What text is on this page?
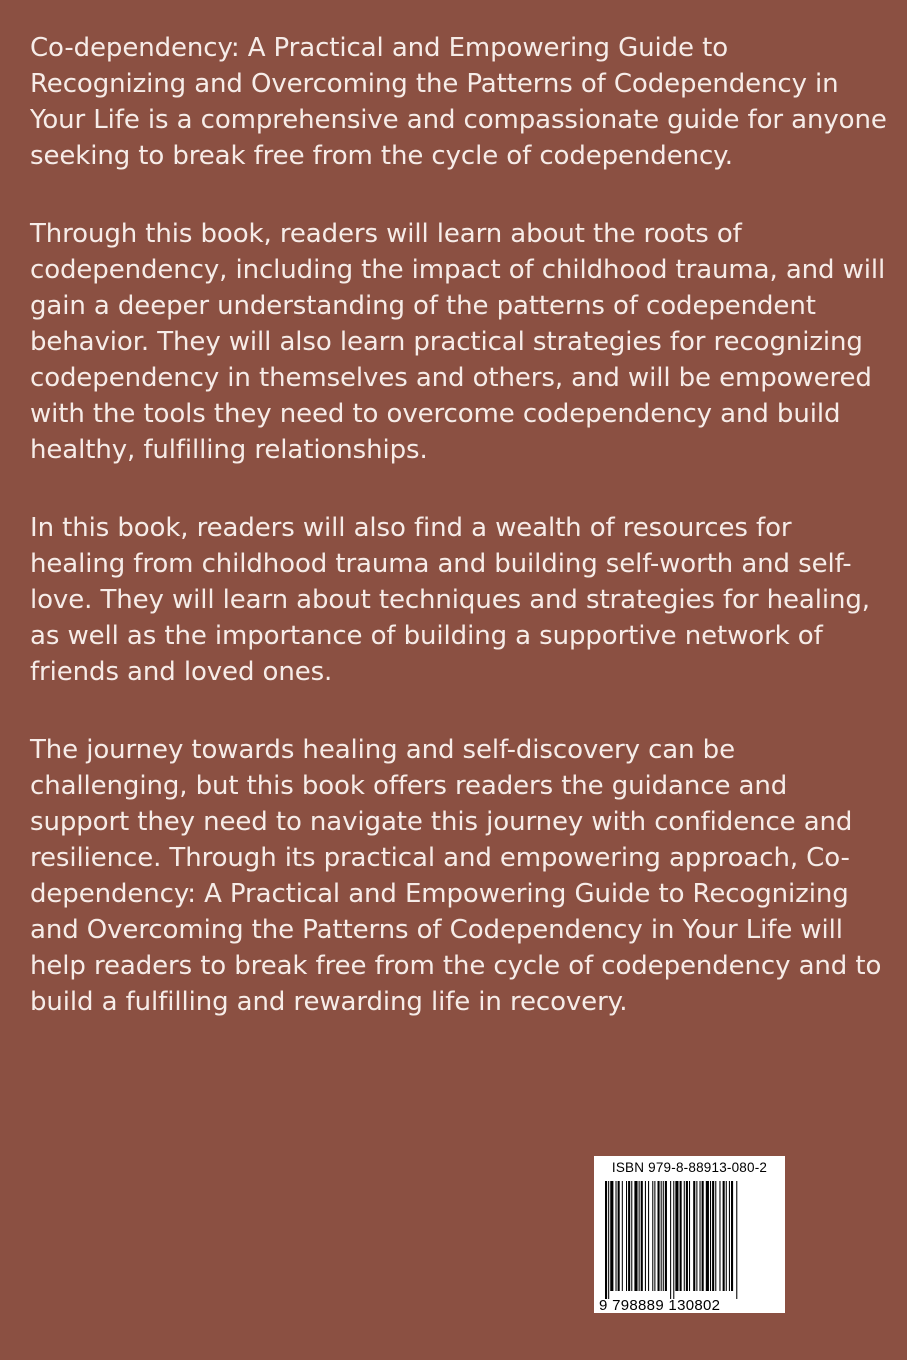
Co-dependency: A Practical and Empowering Guide to Recognizing and Overcoming the Patterns of Codependency in Your Life is a comprehensive and compassionate guide for anyone seeking to break free from the cycle of codependency.

Through this book, readers will learn about the roots of codependency, including the impact of childhood trauma, and will gain a deeper understanding of the patterns of codependent behavior. They will also learn practical strategies for recognizing codependency in themselves and others, and will be empowered with the tools they need to overcome codependency and build healthy, fulfilling relationships.

In this book, readers will also find a wealth of resources for healing from childhood trauma and building self-worth and self-love. They will learn about techniques and strategies for healing, as well as the importance of building a supportive network of friends and loved ones.

The journey towards healing and self-discovery can be challenging, but this book offers readers the guidance and support they need to navigate this journey with confidence and resilience. Through its practical and empowering approach, Co-dependency: A Practical and Empowering Guide to Recognizing and Overcoming the Patterns of Codependency in Your Life will help readers to break free from the cycle of codependency and to build a fulfilling and rewarding life in recovery.

ISBN 979-8-88913-080-2
9 798889 130802
